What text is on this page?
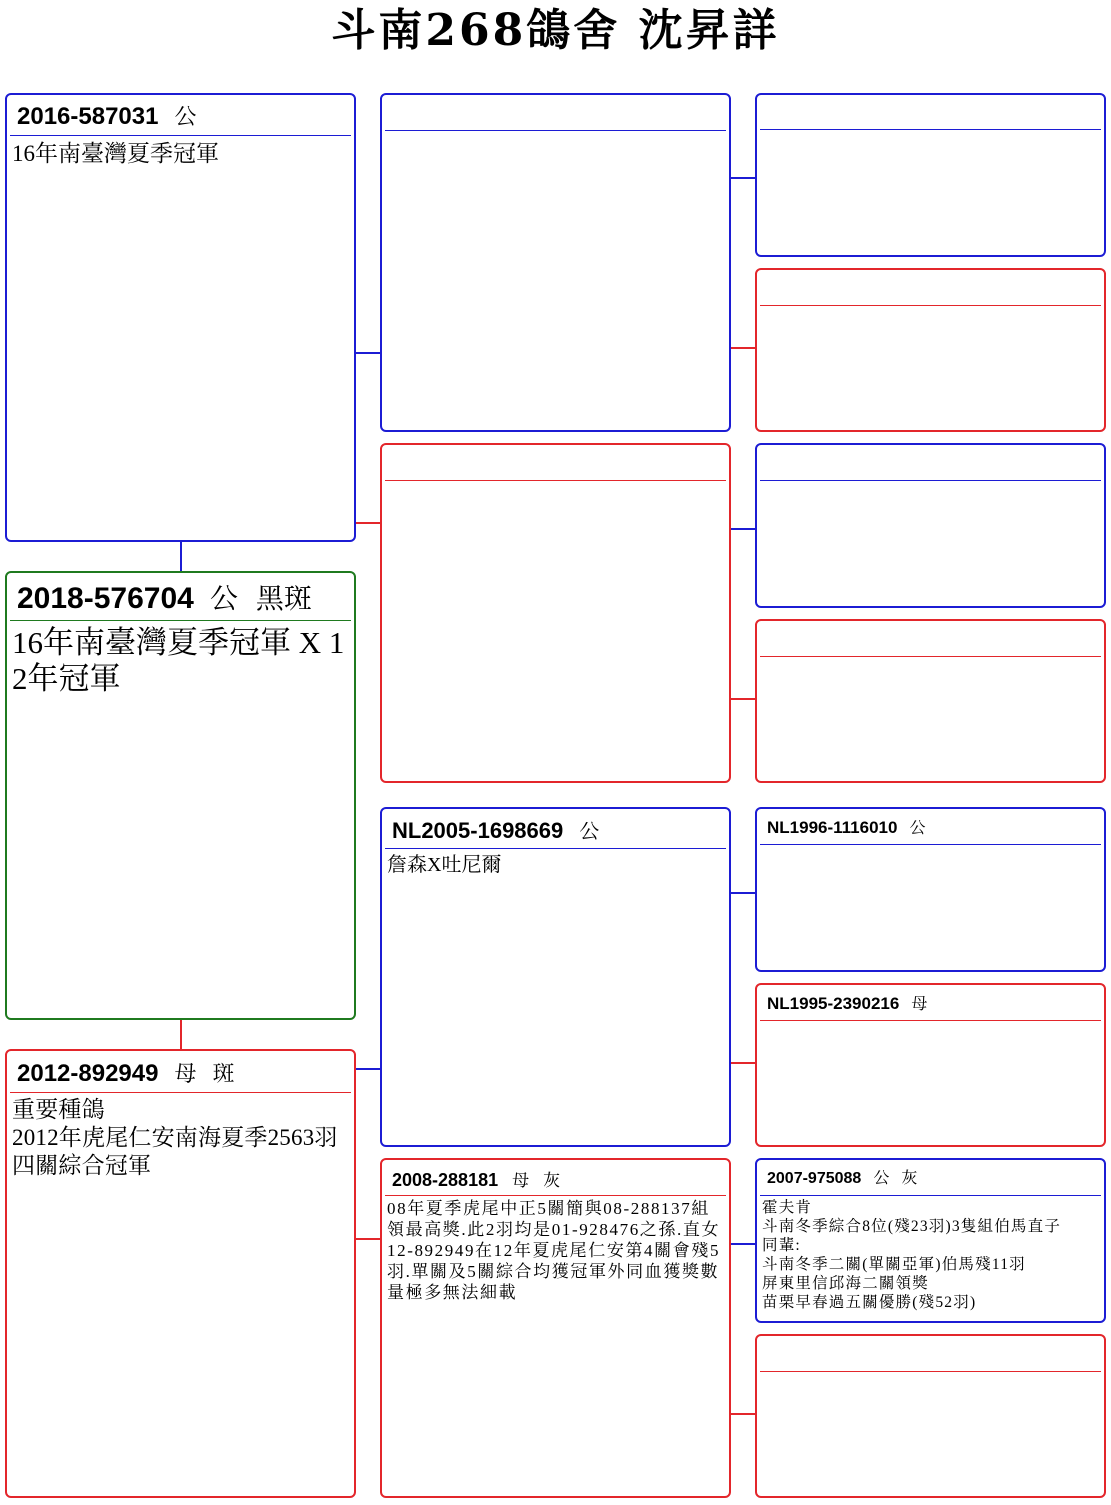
斗南268鴿舍 沈昇詳
2016-587031 公
16年南臺灣夏季冠軍
2018-576704 公 黑斑
16年南臺灣夏季冠軍 X 12年冠軍
2012-892949 母 斑
重要種鴿
2012年虎尾仁安南海夏季2563羽
四關綜合冠軍
NL2005-1698669 公
詹森X吐尼爾
2008-288181 母 灰
08年夏季虎尾中正5關簡與08-288137組領最高獎.此2羽均是01-928476之孫.直女12-892949在12年夏虎尾仁安第4關會殘5羽.單關及5關綜合均獲冠軍外同血獲獎數量極多無法細載
NL1996-1116010 公
NL1995-2390216 母
2007-975088 公 灰
霍夫肯
斗南冬季綜合8位(殘23羽)3隻組伯馬直子
同輩:
斗南冬季二關(單關亞軍)伯馬殘11羽
屏東里信邱海二關領獎
苗栗早春過五關優勝(殘52羽)
